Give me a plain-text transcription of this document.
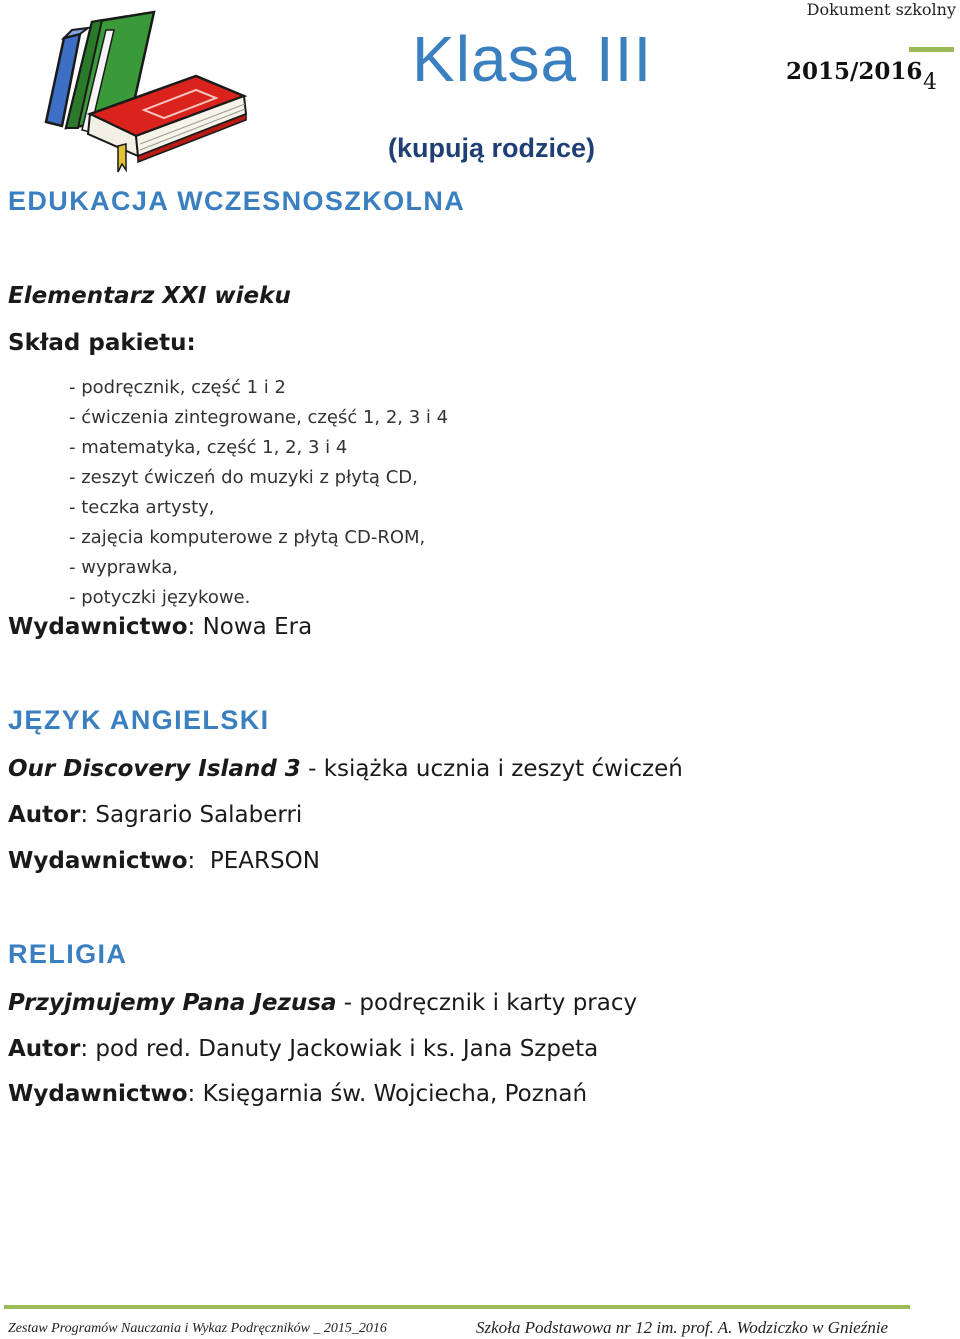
Dokument szkolny
Klasa III	2015/2016 4
(kupują rodzice)
EDUKACJA WCZESNOSZKOLNA
Elementarz XXI wieku
Skład pakietu:
- podręcznik, część 1 i 2
- ćwiczenia zintegrowane, część 1, 2, 3 i 4
- matematyka, część 1, 2, 3 i 4
- zeszyt ćwiczeń do muzyki z płytą CD,
- teczka artysty,
- zajęcia komputerowe z płytą CD-ROM,
- wyprawka,
- potyczki językowe.
Wydawnictwo: Nowa Era
JĘZYK ANGIELSKI
Our Discovery Island 3 - książka ucznia i zeszyt ćwiczeń
Autor: Sagrario Salaberri
Wydawnictwo:  PEARSON
RELIGIA
Przyjmujemy Pana Jezusa - podręcznik i karty pracy
Autor: pod red. Danuty Jackowiak i ks. Jana Szpeta
Wydawnictwo: Księgarnia św. Wojciecha, Poznań
Zestaw Programów Nauczania i Wykaz Podręczników _ 2015_2016	Szkoła Podstawowa nr 12 im. prof. A. Wodziczko w Gnieźnie
